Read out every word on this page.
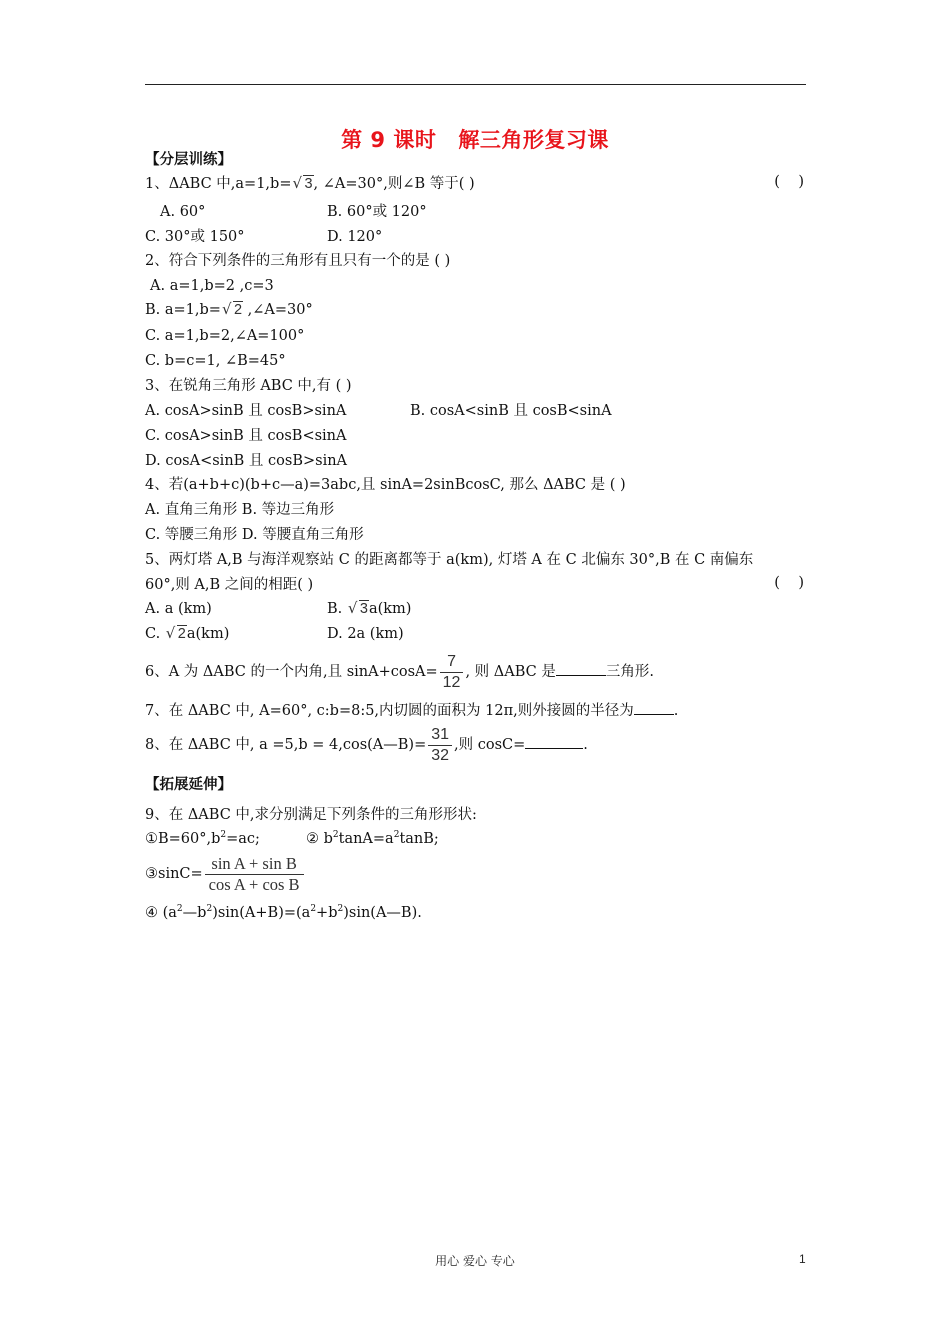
第 9 课时 解三角形复习课
【分层训练】
1、ΔABC 中,a=1,b= √ 3, ∠A=30°,则∠B 等于( )	(    )
A. 60°	B. 60°或 120°
C. 30°或 150°	D. 120°
2、符合下列条件的三角形有且只有一个的是 ( )
A. a=1,b=2 ,c=3
B. a=1,b= √ 2 ,∠A=30°
C. a=1,b=2,∠A=100°
C. b=c=1, ∠B=45°
3、在锐角三角形 ABC 中,有 ( )
A. cosA>sinB 且 cosB>sinA	B. cosA<sinB 且 cosB<sinA
C. cosA>sinB 且 cosB<sinA
D. cosA<sinB 且 cosB>sinA
4、若(a+b+c)(b+c—a)=3abc,且 sinA=2sinBcosC, 那么 ΔABC 是 ( )
A. 直角三角形 B. 等边三角形
C. 等腰三角形 D. 等腰直角三角形
5、两灯塔 A,B 与海洋观察站 C 的距离都等于 a(km), 灯塔 A 在 C 北偏东 30°,B 在 C 南偏东
60°,则 A,B 之间的相距( )	(    )
A. a (km)	B. √ 3a(km)
C. √ 2a(km)	D. 2a (km)
6、A 为 ΔABC 的一个内角,且 $\sin A+\cos A= \frac{7}{12}$ , 则 ΔABC 是	三角形.
7、在 ΔABC 中, A=60°, c:b=8:5,内切圆的面积为 12π,则外接圆的半径为	.
8、在 ΔABC 中, a =5,b = 4,cos(A—B)= $\frac{31}{32}$ ,则 cosC=	.
【拓展延伸】
9、在 ΔABC 中,求分别满足下列条件的三角形形状:
$①B=60^\circ,b^2=ac$;	② $b^2\tan A=a^2\tan B$;
③sinC= $\frac{\text{sin A + sin B}}{\text{cos A + cos B}}$
④ $(a^2—b^2)\sin(A+B)=(a^2+b^2)\sin(A—B)$.
用心 爱心 专心	1
